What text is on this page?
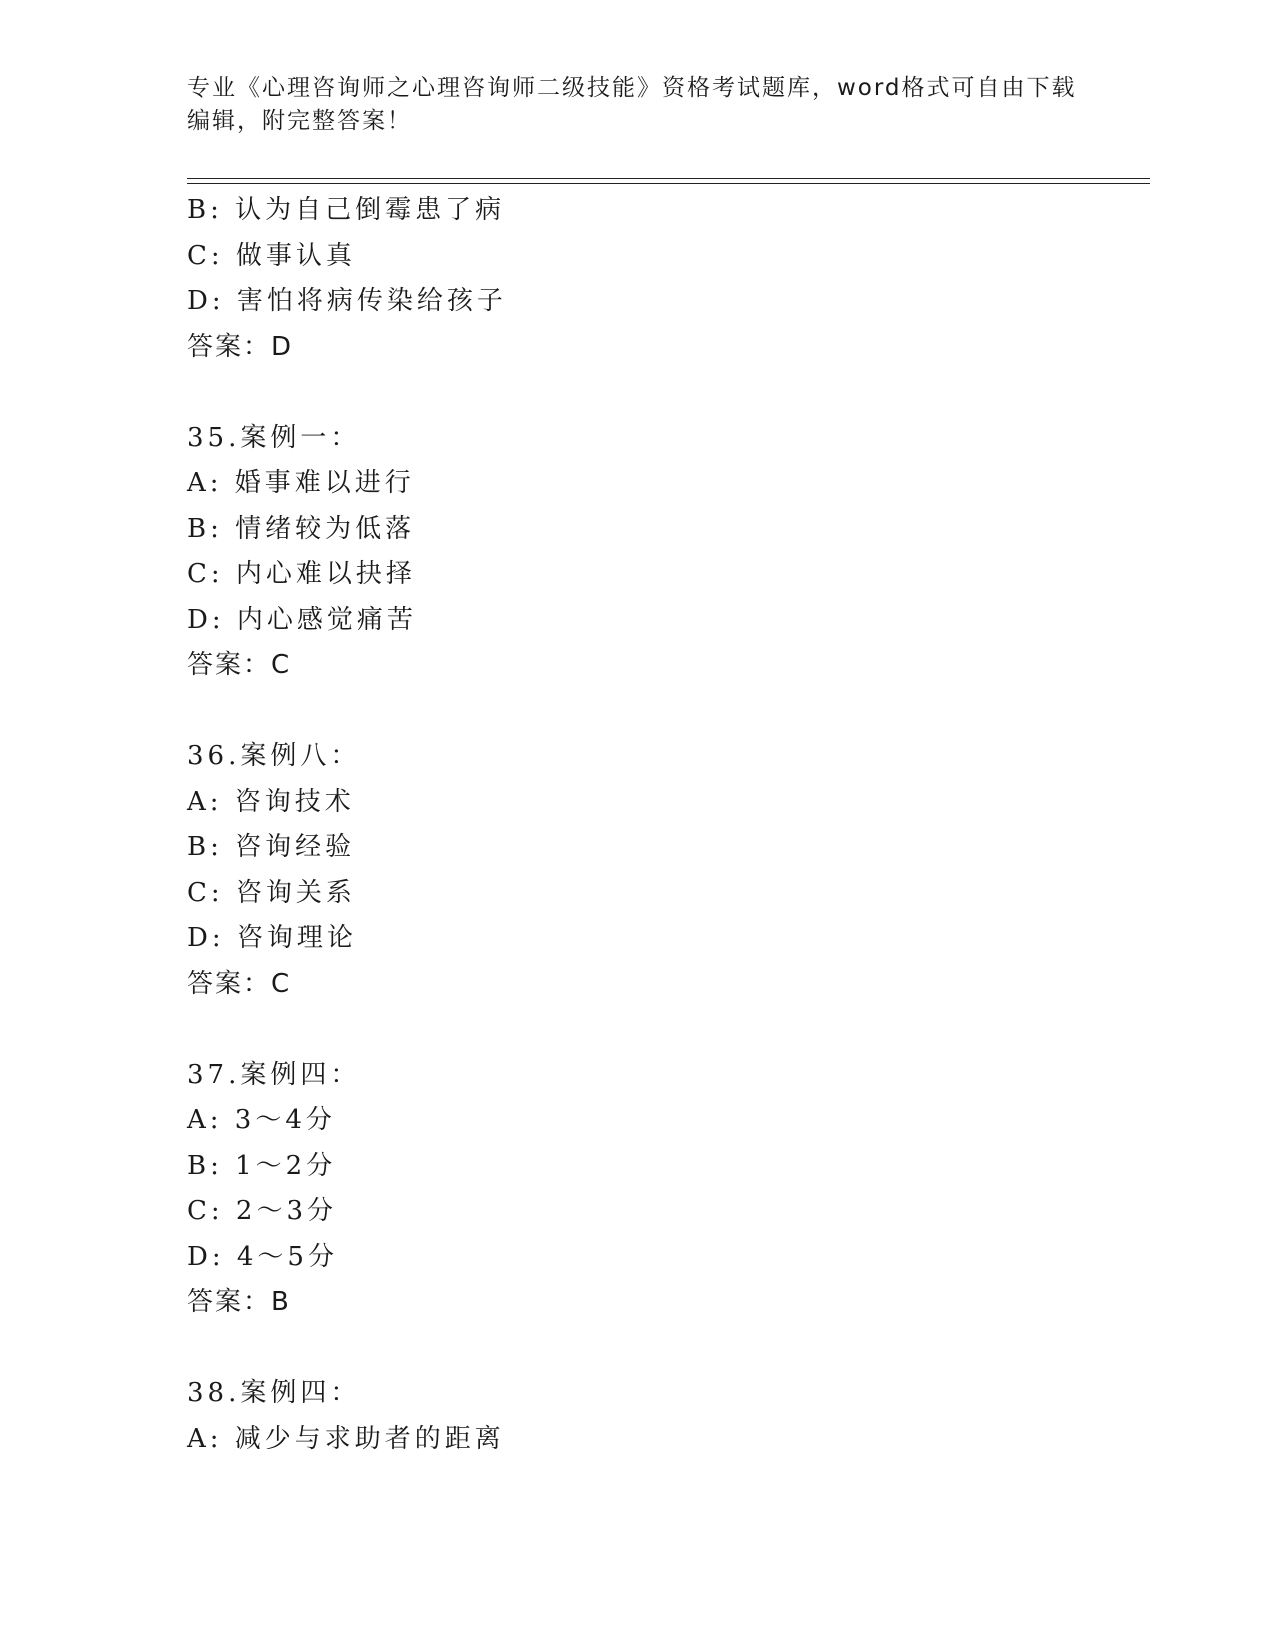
专业《心理咨询师之心理咨询师二级技能》资格考试题库，word格式可自由下载
编辑，附完整答案！
B: 认为自己倒霉患了病
C: 做事认真
D: 害怕将病传染给孩子
答案：D
35.案例一：
A: 婚事难以进行
B: 情绪较为低落
C: 内心难以抉择
D: 内心感觉痛苦
答案：C
36.案例八：
A: 咨询技术
B: 咨询经验
C: 咨询关系
D: 咨询理论
答案：C
37.案例四：
A: 3～4分
B: 1～2分
C: 2～3分
D: 4～5分
答案：B
38.案例四：
A: 减少与求助者的距离
